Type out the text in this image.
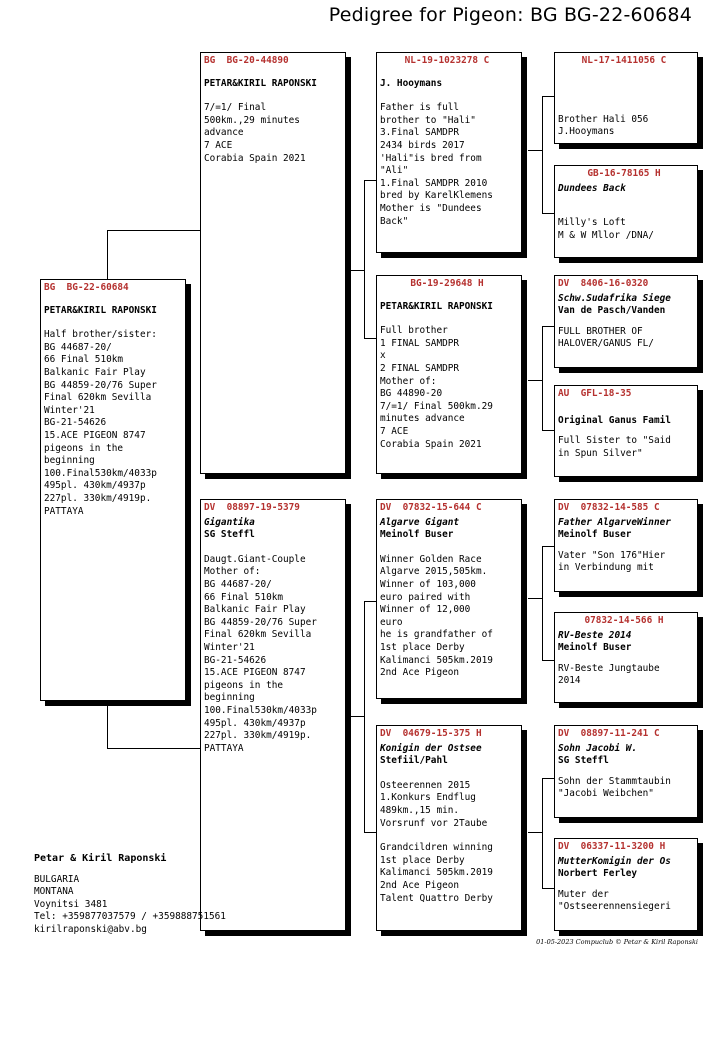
Pedigree for Pigeon: BG BG-22-60684
BG  BG-22-60684
PETAR&KIRIL RAPONSKI
Half brother/sister:
BG 44687-20/
66 Final 510km
Balkanic Fair Play
BG 44859-20/76 Super
Final 620km Sevilla
Winter'21
BG-21-54626
15.ACE PIGEON 8747
pigeons in the
beginning
100.Final530km/4033p
495pl. 430km/4937p
227pl. 330km/4919p.
PATTAYA
BG  BG-20-44890
PETAR&KIRIL RAPONSKI
7/=1/ Final
500km.,29 minutes
advance
7 ACE
Corabia Spain 2021
DV  08897-19-5379
Gigantika
SG Steffl
Daugt.Giant-Couple
Mother of:
BG 44687-20/
66 Final 510km
Balkanic Fair Play
BG 44859-20/76 Super
Final 620km Sevilla
Winter'21
BG-21-54626
15.ACE PIGEON 8747
pigeons in the
beginning
100.Final530km/4033p
495pl. 430km/4937p
227pl. 330km/4919p.
PATTAYA
NL-19-1023278 C
J. Hooymans
Father is full
brother to "Hali"
3.Final SAMDPR
2434 birds 2017
'Hali"is bred from
"Ali"
1.Final SAMDPR 2010
bred by KarelKlemens
Mother is "Dundees
Back"
BG-19-29648 H
PETAR&KIRIL RAPONSKI
Full brother
1 FINAL SAMDPR
x
2 FINAL SAMDPR
Mother of:
BG 44890-20
7/=1/ Final 500km.29
minutes advance
7 ACE
Corabia Spain 2021
DV  07832-15-644 C
Algarve Gigant
Meinolf Buser
Winner Golden Race
Algarve 2015,505km.
Winner of 103,000
euro paired with
Winner of 12,000
euro
he is grandfather of
1st place Derby
Kalimanci 505km.2019
2nd Ace Pigeon
DV  04679-15-375 H
Konigin der Ostsee
Stefiil/Pahl
Osteerennen 2015
1.Konkurs Endflug
489km.,15 min.
Vorsrunf vor 2Taube
Grandcildren winning
1st place Derby
Kalimanci 505km.2019
2nd Ace Pigeon
Talent Quattro Derby
NL-17-1411056 C
Brother Hali 056
J.Hooymans
GB-16-78165 H
Dundees Back
Milly's Loft
M & W Mllor /DNA/
DV  8406-16-0320
Schw.Sudafrika Siege
Van de Pasch/Vanden
FULL BROTHER OF
HALOVER/GANUS FL/
AU  GFL-18-35
Original Ganus Famil
Full Sister to "Said
in Spun Silver"
DV  07832-14-585 C
Father AlgarveWinner
Meinolf Buser
Vater "Son 176"Hier
in Verbindung mit
07832-14-566 H
RV-Beste 2014
Meinolf Buser
RV-Beste Jungtaube
2014
DV  08897-11-241 C
Sohn Jacobi W.
SG Steffl
Sohn der Stammtaubin
"Jacobi Weibchen"
DV  06337-11-3200 H
MutterKomigin der Os
Norbert Ferley
Muter der
"Ostseerennensiegeri
Petar & Kiril Raponski
BULGARIA
MONTANA
Voynitsi 3481
Tel: +359877037579 / +359888751561
kirilraponski@abv.bg
01-05-2023 Compuclub © Petar & Kiril Raponski
